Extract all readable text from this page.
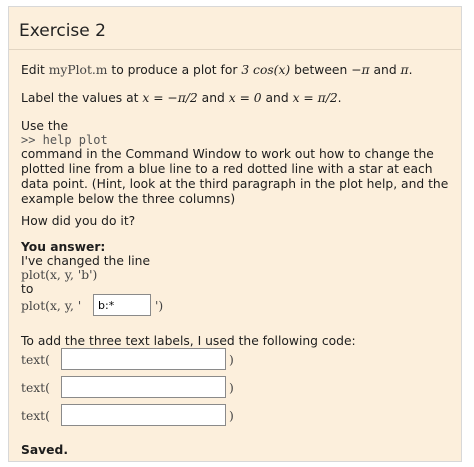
Exercise 2
Edit myPlot.m to produce a plot for 3 cos(x) between −π and π.
Label the values at x = −π/2 and x = 0 and x = π/2.
Use the
>> help plot
command in the Command Window to work out how to change the plotted line from a blue line to a red dotted line with a star at each data point. (Hint, look at the third paragraph in the plot help, and the example below the three columns)
How did you do it?
You answer:
I've changed the line
plot(x, y, 'b')
to
plot(x, y, '
b:*	')
To add the three text labels, I used the following code:
text(	)
text(	)
text(	)
Saved.
